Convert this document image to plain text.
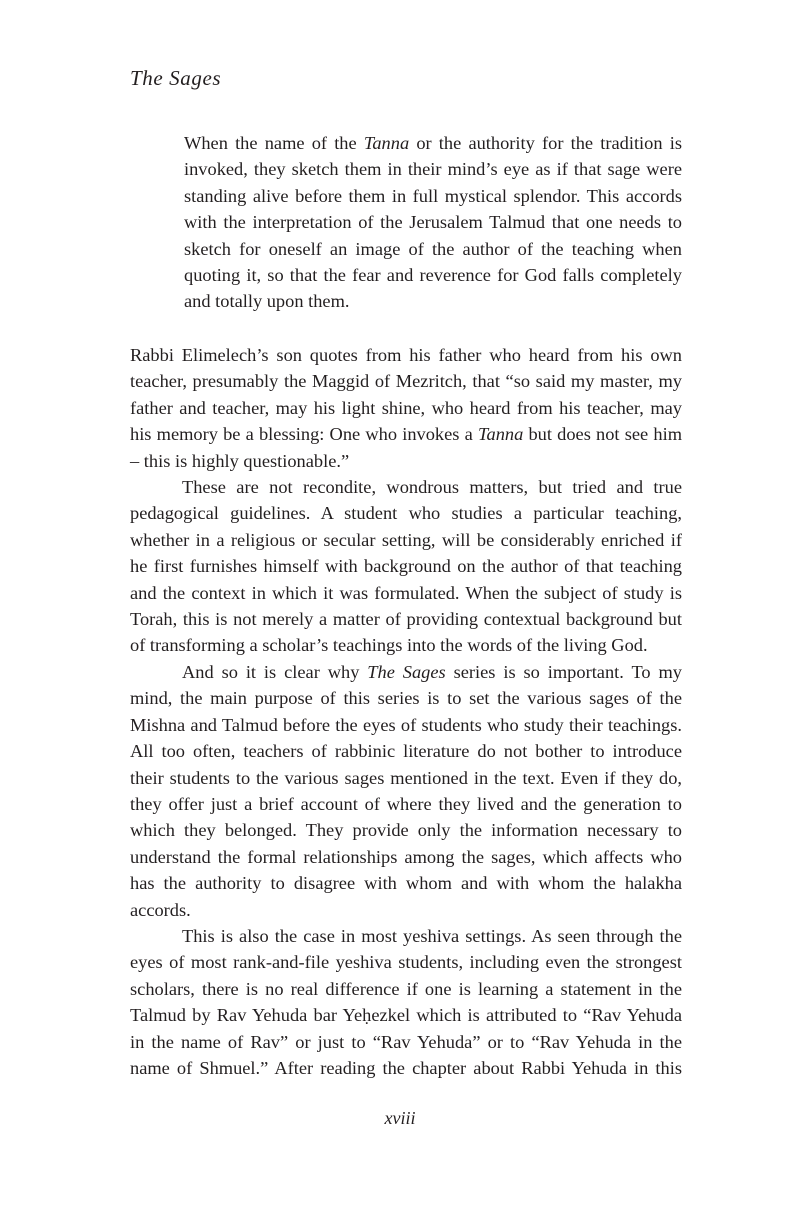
The Sages
When the name of the Tanna or the authority for the tradition is invoked, they sketch them in their mind’s eye as if that sage were standing alive before them in full mystical splendor. This accords with the interpretation of the Jerusalem Talmud that one needs to sketch for oneself an image of the author of the teaching when quoting it, so that the fear and reverence for God falls completely and totally upon them.

Rabbi Elimelech’s son quotes from his father who heard from his own teacher, presumably the Maggid of Mezritch, that “so said my master, my father and teacher, may his light shine, who heard from his teacher, may his memory be a blessing: One who invokes a Tanna but does not see him – this is highly questionable.”

These are not recondite, wondrous matters, but tried and true pedagogical guidelines. A student who studies a particular teaching, whether in a religious or secular setting, will be considerably enriched if he first furnishes himself with background on the author of that teaching and the context in which it was formulated. When the subject of study is Torah, this is not merely a matter of providing contextual background but of transforming a scholar’s teachings into the words of the living God.

And so it is clear why The Sages series is so important. To my mind, the main purpose of this series is to set the various sages of the Mishna and Talmud before the eyes of students who study their teachings. All too often, teachers of rabbinic literature do not bother to introduce their students to the various sages mentioned in the text. Even if they do, they offer just a brief account of where they lived and the generation to which they belonged. They provide only the information necessary to understand the formal relationships among the sages, which affects who has the authority to disagree with whom and with whom the halakha accords.

This is also the case in most yeshiva settings. As seen through the eyes of most rank-and-file yeshiva students, including even the strongest scholars, there is no real difference if one is learning a statement in the Talmud by Rav Yehuda bar Yeḥezkel which is attributed to “Rav Yehuda in the name of Rav” or just to “Rav Yehuda” or to “Rav Yehuda in the name of Shmuel.” After reading the chapter about Rabbi Yehuda in this

xviii
